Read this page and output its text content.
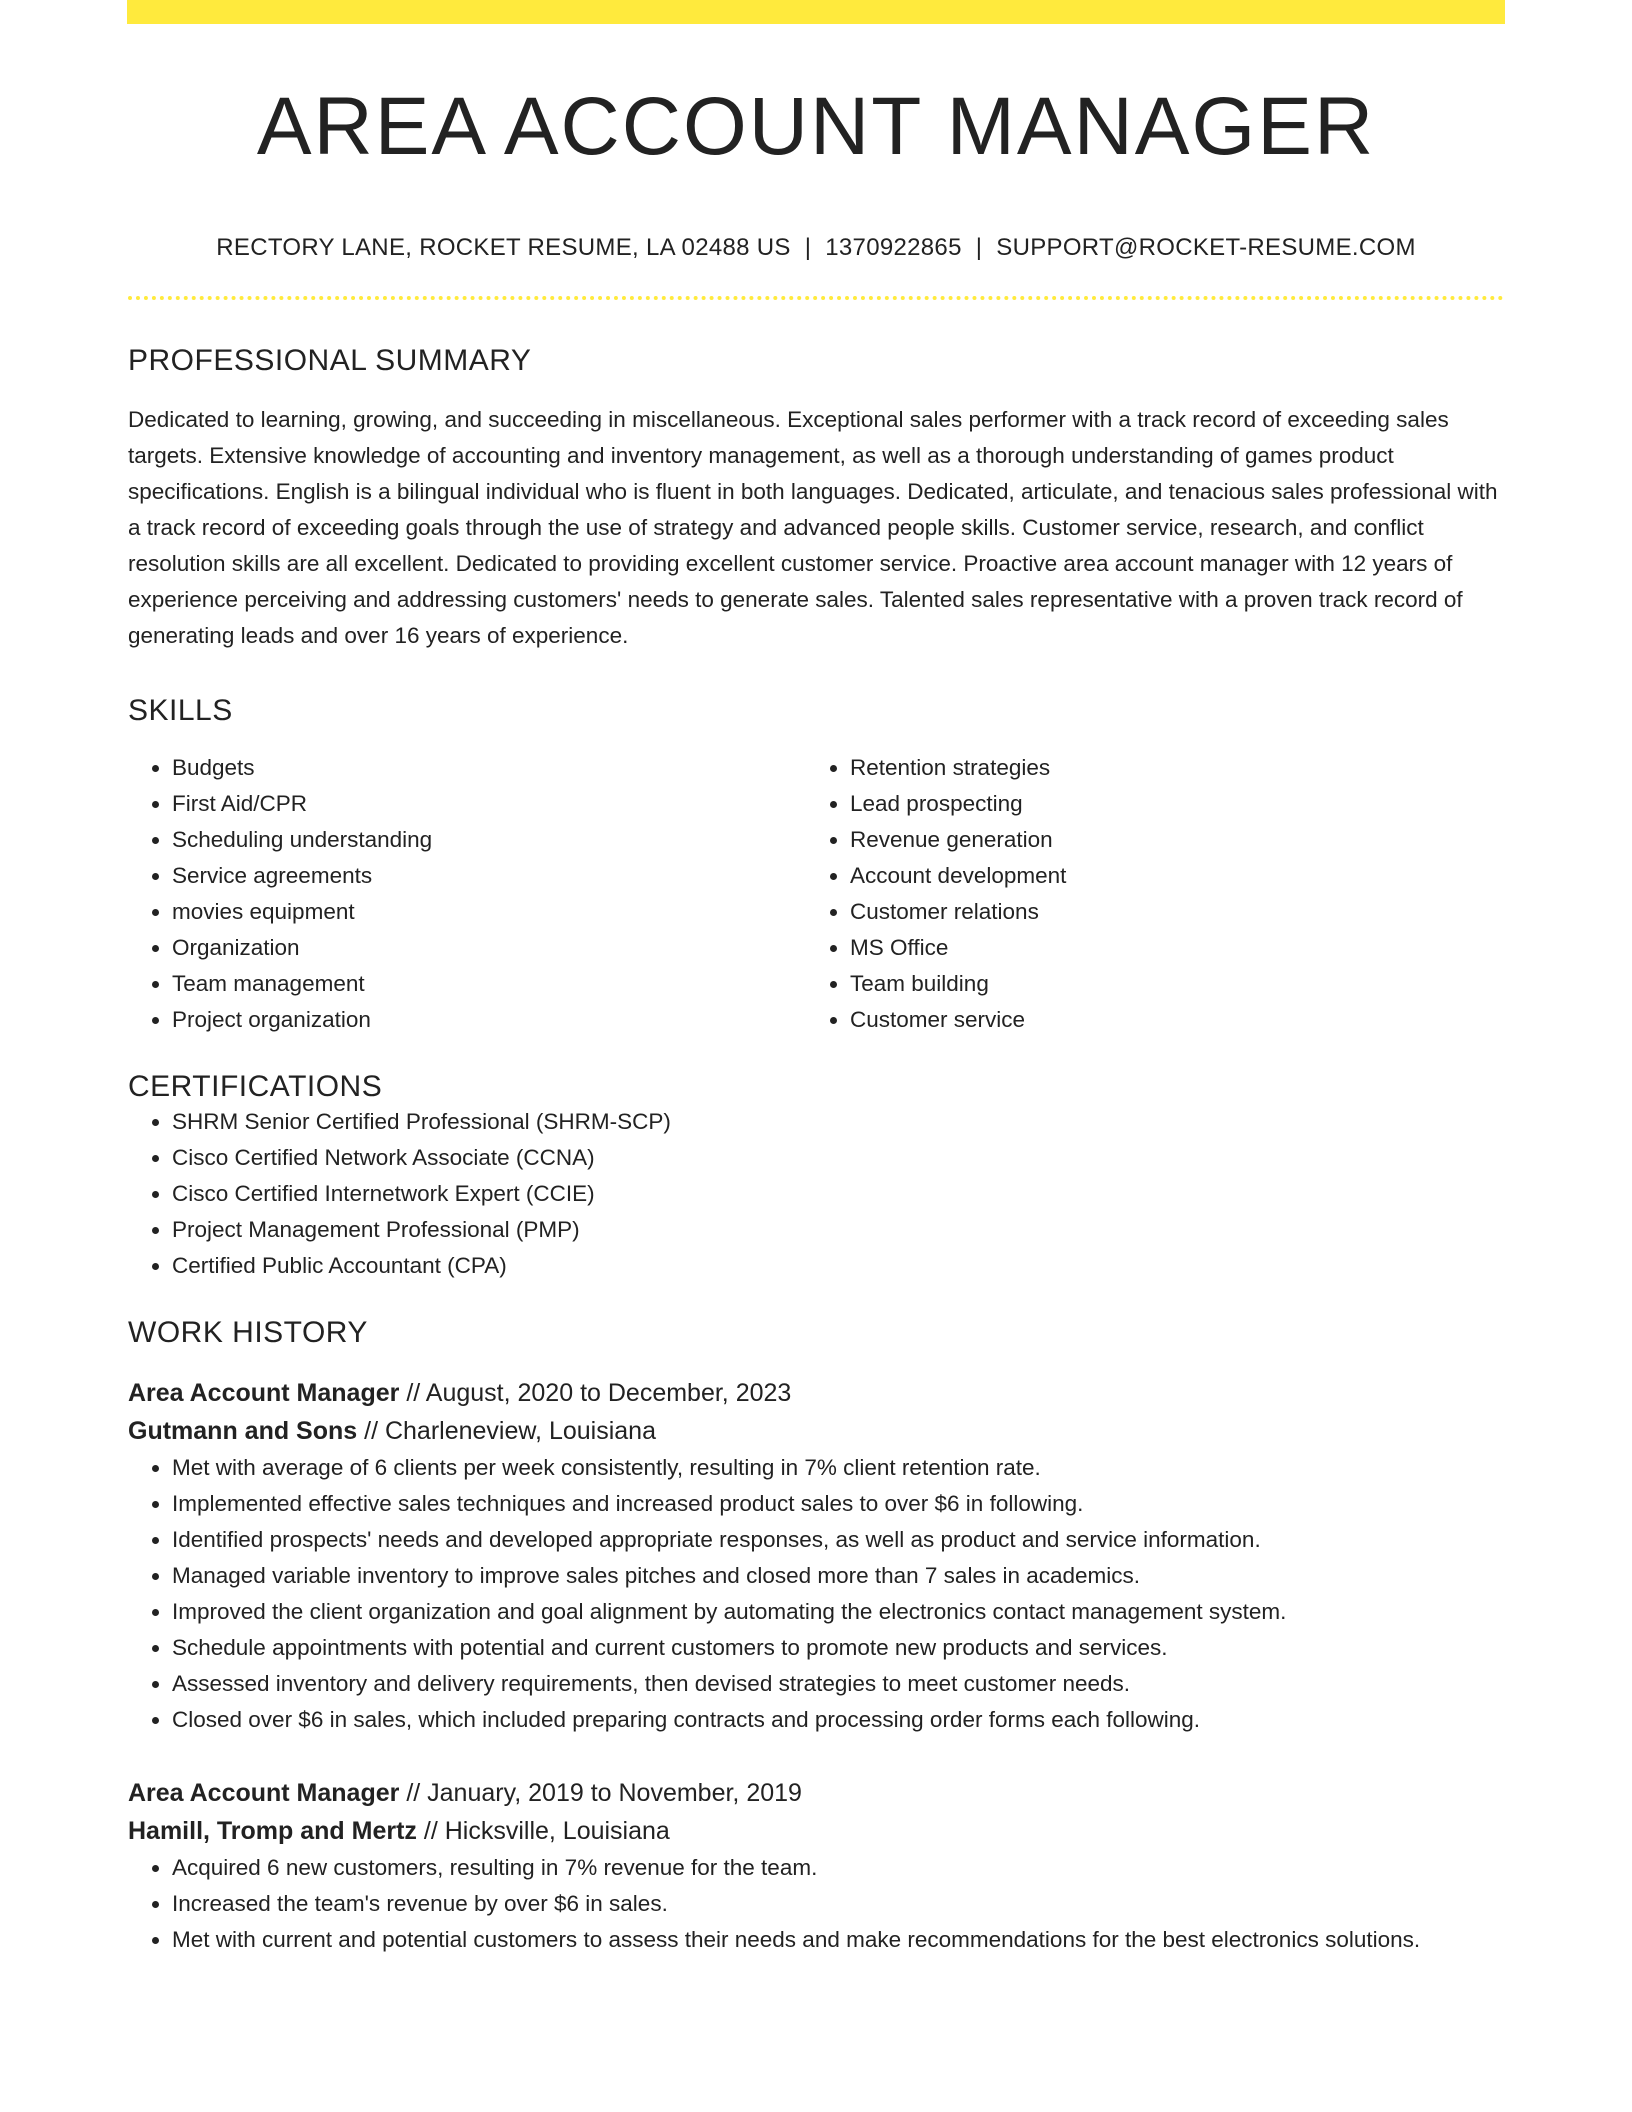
AREA ACCOUNT MANAGER
RECTORY LANE, ROCKET RESUME, LA 02488 US | 1370922865 | SUPPORT@ROCKET-RESUME.COM
PROFESSIONAL SUMMARY
Dedicated to learning, growing, and succeeding in miscellaneous. Exceptional sales performer with a track record of exceeding sales targets. Extensive knowledge of accounting and inventory management, as well as a thorough understanding of games product specifications. English is a bilingual individual who is fluent in both languages. Dedicated, articulate, and tenacious sales professional with a track record of exceeding goals through the use of strategy and advanced people skills. Customer service, research, and conflict resolution skills are all excellent. Dedicated to providing excellent customer service. Proactive area account manager with 12 years of experience perceiving and addressing customers' needs to generate sales. Talented sales representative with a proven track record of generating leads and over 16 years of experience.
SKILLS
• Budgets
• First Aid/CPR
• Scheduling understanding
• Service agreements
• movies equipment
• Organization
• Team management
• Project organization
• Retention strategies
• Lead prospecting
• Revenue generation
• Account development
• Customer relations
• MS Office
• Team building
• Customer service
CERTIFICATIONS
• SHRM Senior Certified Professional (SHRM-SCP)
• Cisco Certified Network Associate (CCNA)
• Cisco Certified Internetwork Expert (CCIE)
• Project Management Professional (PMP)
• Certified Public Accountant (CPA)
WORK HISTORY
Area Account Manager // August, 2020 to December, 2023
Gutmann and Sons // Charleneview, Louisiana
• Met with average of 6 clients per week consistently, resulting in 7% client retention rate.
• Implemented effective sales techniques and increased product sales to over $6 in following.
• Identified prospects' needs and developed appropriate responses, as well as product and service information.
• Managed variable inventory to improve sales pitches and closed more than 7 sales in academics.
• Improved the client organization and goal alignment by automating the electronics contact management system.
• Schedule appointments with potential and current customers to promote new products and services.
• Assessed inventory and delivery requirements, then devised strategies to meet customer needs.
• Closed over $6 in sales, which included preparing contracts and processing order forms each following.
Area Account Manager // January, 2019 to November, 2019
Hamill, Tromp and Mertz // Hicksville, Louisiana
• Acquired 6 new customers, resulting in 7% revenue for the team.
• Increased the team's revenue by over $6 in sales.
• Met with current and potential customers to assess their needs and make recommendations for the best electronics solutions.
